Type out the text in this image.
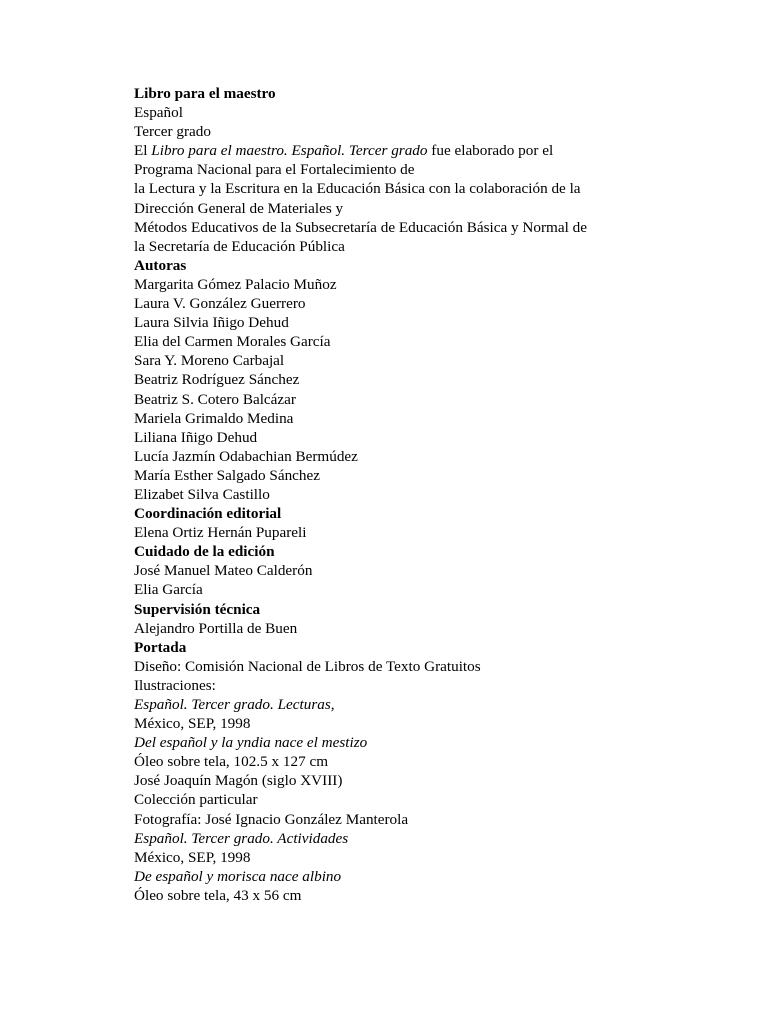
Libro para el maestro
Español
Tercer grado
El Libro para el maestro. Español. Tercer grado fue elaborado por el
Programa Nacional para el Fortalecimiento de
la Lectura y la Escritura en la Educación Básica con la colaboración de la
Dirección General de Materiales y
Métodos Educativos de la Subsecretaría de Educación Básica y Normal de
la Secretaría de Educación Pública
Autoras
Margarita Gómez Palacio Muñoz
Laura V. González Guerrero
Laura Silvia Iñigo Dehud
Elia del Carmen Morales García
Sara Y. Moreno Carbajal
Beatriz Rodríguez Sánchez
Beatriz S. Cotero Balcázar
Mariela Grimaldo Medina
Liliana Iñigo Dehud
Lucía Jazmín Odabachian Bermúdez
María Esther Salgado Sánchez
Elizabet Silva Castillo
Coordinación editorial
Elena Ortiz Hernán Pupareli
Cuidado de la edición
José Manuel Mateo Calderón
Elia García
Supervisión técnica
Alejandro Portilla de Buen
Portada
Diseño: Comisión Nacional de Libros de Texto Gratuitos
Ilustraciones:
Español. Tercer grado. Lecturas,
México, SEP, 1998
Del español y la yndia nace el mestizo
Óleo sobre tela, 102.5 x 127 cm
José Joaquín Magón (siglo XVIII)
Colección particular
Fotografía: José Ignacio González Manterola
Español. Tercer grado. Actividades
México, SEP, 1998
De español y morisca nace albino
Óleo sobre tela, 43 x 56 cm
